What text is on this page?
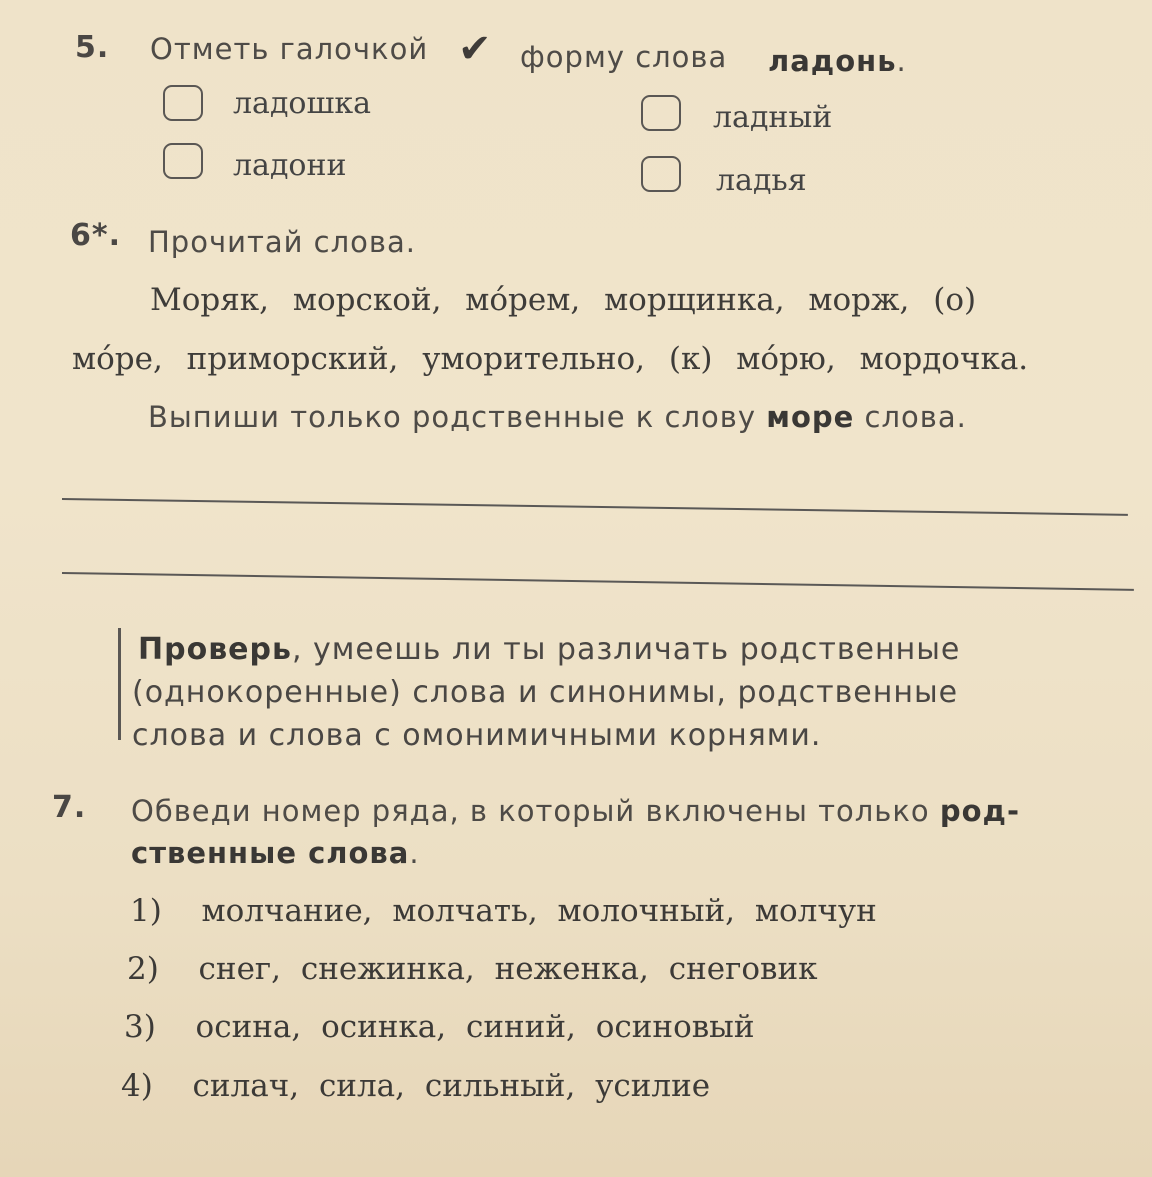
5. Отметь галочкой ✔ форму слова ладонь.
ладошка
ладони
ладный
ладья
6*. Прочитай слова.
Моряк, морской, мо́рем, морщинка, морж, (о)
мо́ре, приморский, уморительно, (к) мо́рю, мордочка.
Выпиши только родственные к слову море слова.
Проверь, умеешь ли ты различать родственные
(однокоренные) слова и синонимы, родственные
слова и слова с омонимичными корнями.
7. Обведи номер ряда, в который включены только род-
ственные слова.
1) молчание, молчать, молочный, молчун
2) снег, снежинка, неженка, снеговик
3) осина, осинка, синий, осиновый
4) силач, сила, сильный, усилие
